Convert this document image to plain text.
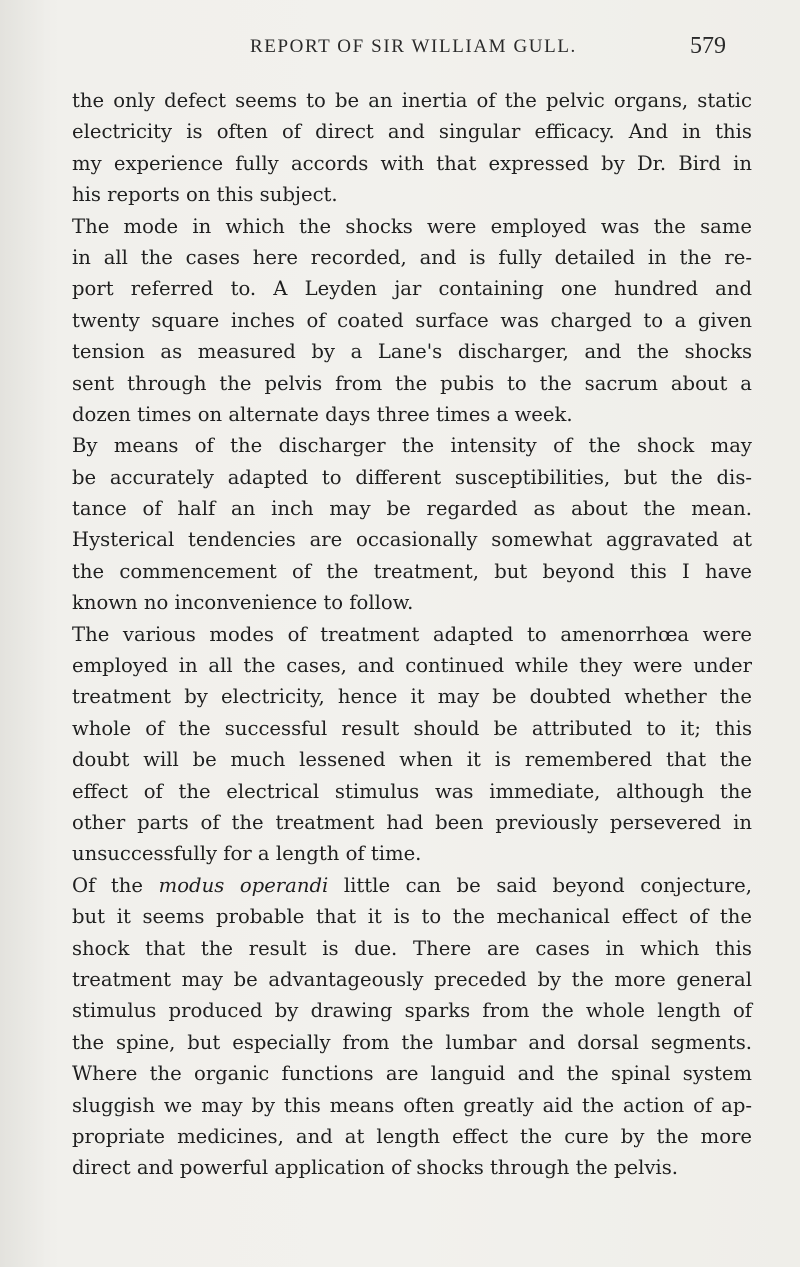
REPORT OF SIR WILLIAM GULL.	579
the only defect seems to be an inertia of the pelvic organs, static
electricity is often of direct and singular efficacy. And in this
my experience fully accords with that expressed by Dr. Bird in
his reports on this subject.
The mode in which the shocks were employed was the same
in all the cases here recorded, and is fully detailed in the re-
port referred to. A Leyden jar containing one hundred and
twenty square inches of coated surface was charged to a given
tension as measured by a Lane's discharger, and the shocks
sent through the pelvis from the pubis to the sacrum about a
dozen times on alternate days three times a week.
By means of the discharger the intensity of the shock may
be accurately adapted to different susceptibilities, but the dis-
tance of half an inch may be regarded as about the mean.
Hysterical tendencies are occasionally somewhat aggravated at
the commencement of the treatment, but beyond this I have
known no inconvenience to follow.
The various modes of treatment adapted to amenorrhœa were
employed in all the cases, and continued while they were under
treatment by electricity, hence it may be doubted whether the
whole of the successful result should be attributed to it; this
doubt will be much lessened when it is remembered that the
effect of the electrical stimulus was immediate, although the
other parts of the treatment had been previously persevered in
unsuccessfully for a length of time.
Of the modus operandi little can be said beyond conjecture,
but it seems probable that it is to the mechanical effect of the
shock that the result is due. There are cases in which this
treatment may be advantageously preceded by the more general
stimulus produced by drawing sparks from the whole length of
the spine, but especially from the lumbar and dorsal segments.
Where the organic functions are languid and the spinal system
sluggish we may by this means often greatly aid the action of ap-
propriate medicines, and at length effect the cure by the more
direct and powerful application of shocks through the pelvis.
